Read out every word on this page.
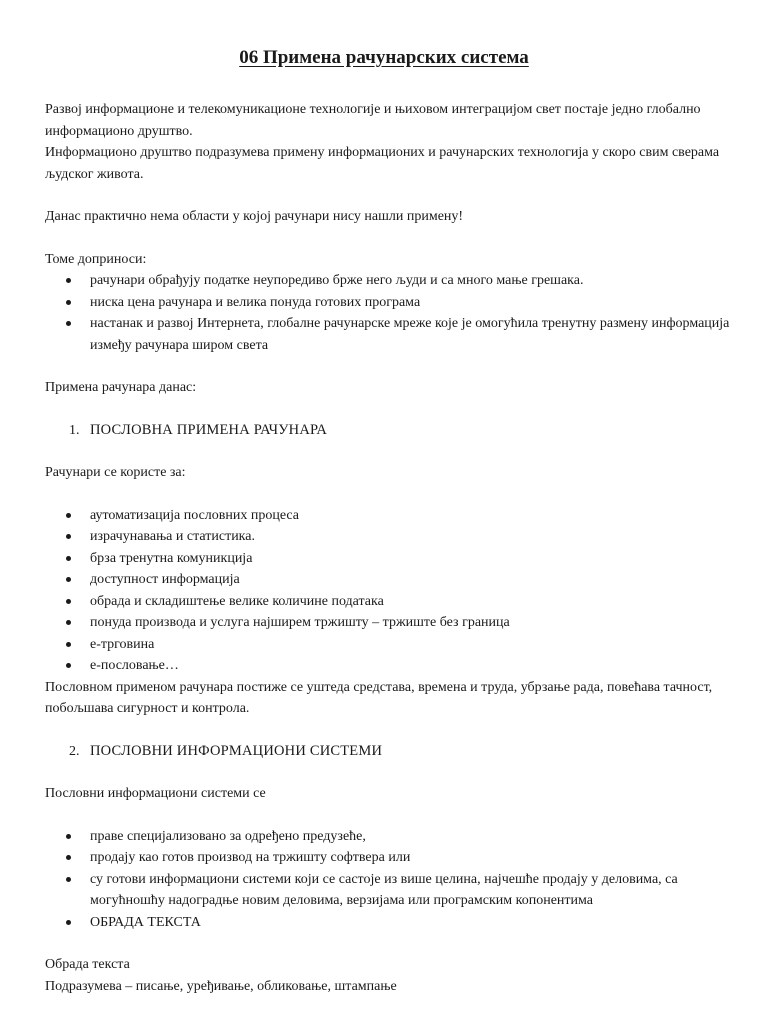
06 Примена рачунарских система

Развој информационе и телекомуникационе технологије и њиховом интеграцијом свет постаје једно глобално информационо друштво.

Информационо друштво подразумева примену информационих и рачунарских технологија у скоро свим сверама људског живота.

Данас практично нема области у којој рачунари нису нашли примену!

Томе доприноси:

рачунари обрађују податке неупоредиво брже него људи и са много мање грешака.
ниска цена рачунара и велика понуда готових програма
настанак и развој Интернета, глобалне рачунарске мреже које је омогућила тренутну размену информација између рачунара широм света

Примена рачунара данас:

1. ПОСЛОВНА ПРИМЕНА РАЧУНАРА

Рачунари се користе за:

аутоматизација пословних процеса
израчунавања и статистика.
брза тренутна комуникција
доступност информација
обрада и складиштење велике количине података
понуда производа и услуга најширем тржишту – тржиште без граница
е-трговина
е-пословање…

Пословном применом рачунара постиже се уштеда средстава, времена и труда, убрзање рада, повећава тачност, побољшава сигурност и контрола.

2. ПОСЛОВНИ ИНФОРМАЦИОНИ СИСТЕМИ

Пословни информациони системи се

праве специјализовано за одређено предузеће,
продају као готов производ на тржишту софтвера или
су готови информациони системи који се састоје из више целина, најчешће продају у деловима, са могућношћу надоградње новим деловима, верзијама или програмским копонентима
ОБРАДА ТЕКСТА

Обрада текста

Подразумева – писање, уређивање, обликовање, штампање
